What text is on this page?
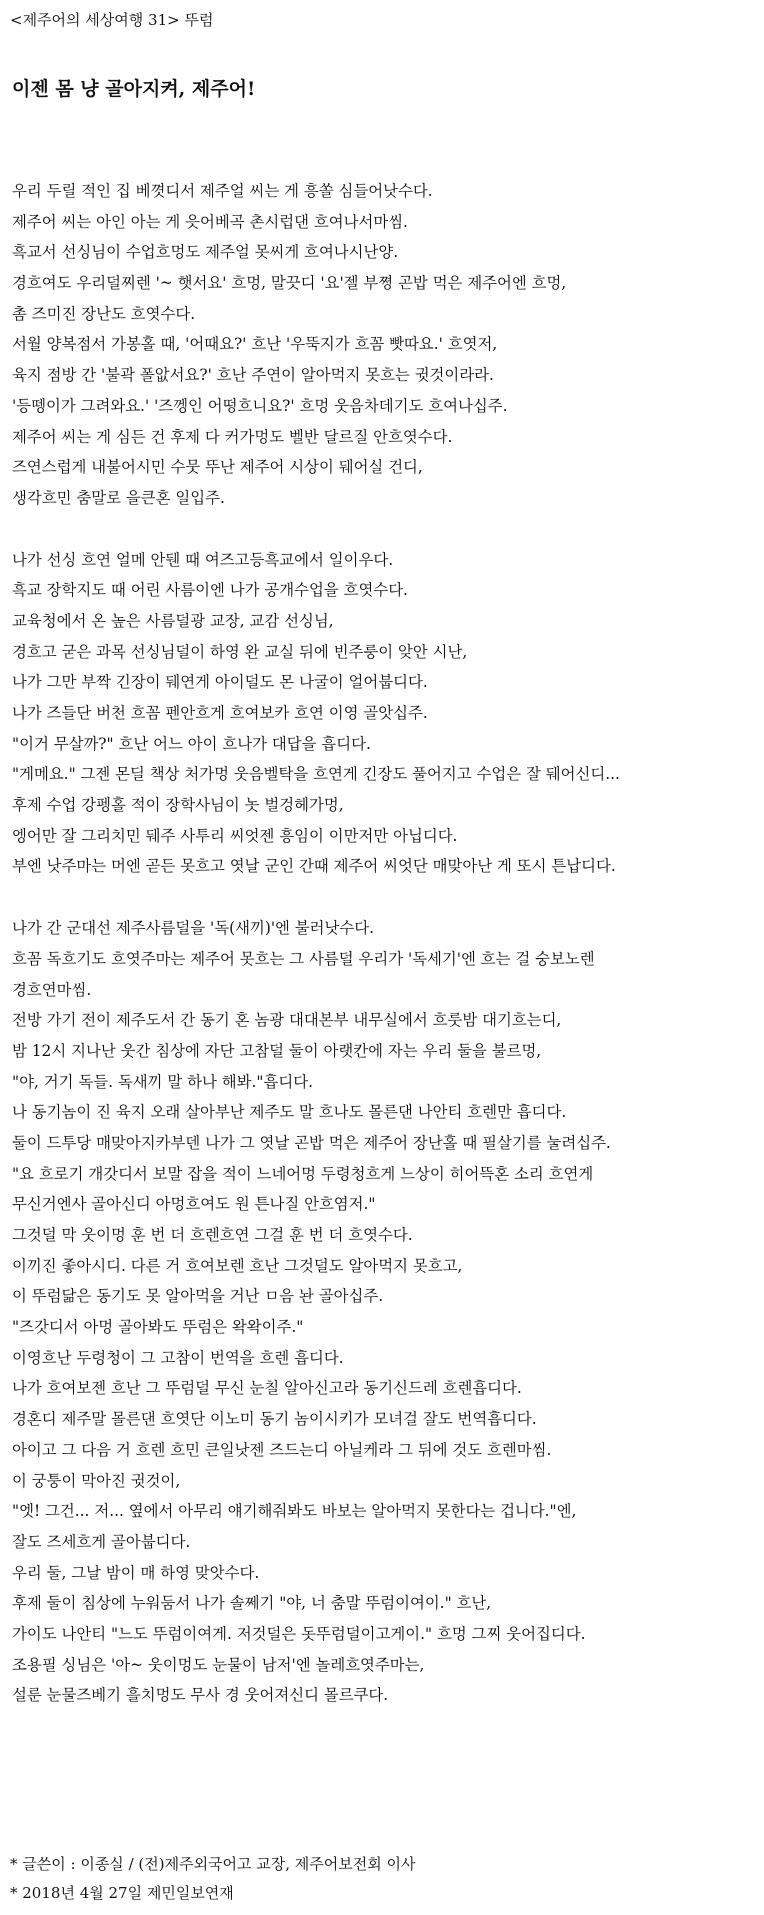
<제주어의 세상여행 31> 뚜럼
이젠 몸 냥 골아지켜, 제주어!
우리 두릴 적인 집 베꼇디서 제주얼 씨는 게 흥쏠 심들어낫수다.
제주어 씨는 아인 아는 게 읏어베곡 촌시럽댄 흐여나서마씸.
흑교서 선싱님이 수업흐멍도 제주얼 못씨게 흐여나시난양.
경흐여도 우리덜찌렌 '~ 햇서요' 흐멍, 말끗디 '요'젤 부쪙 곤밥 먹은 제주어엔 흐멍,
촘 즈미진 장난도 흐엿수다.
서월 양복점서 가봉홀 때, '어때요?' 흐난 '우뚝지가 흐꼼 빳따요.' 흐엿저,
육지 점방 간 '불곽 폴앖서요?' 흐난 주연이 알아먹지 못흐는 귓것이라라.
'등뗑이가 그려와요.' '즈껭인 어떵흐니요?' 흐멍 웃음차데기도 흐여나십주.
제주어 씨는 게 심든 건 후제 다 커가멍도 벨반 달르질 안흐엿수다.
즈연스럽게 내불어시민 수뭇 뚜난 제주어 시상이 뒈어실 건디,
생각흐민 춤말로 을큰혼 일입주.
나가 선싱 흐연 얼메 안뒌 때 여즈고등흑교에서 일이우다.
흑교 장학지도 때 어린 사름이엔 나가 공개수업을 흐엿수다.
교육청에서 온 높은 사름덜광 교장, 교감 선싱님,
경흐고 굳은 과목 선싱님덜이 하영 완 교실 뒤에 빈주룽이 앚안 시난,
나가 그만 부짝 긴장이 뒈연게 아이덜도 몬 나굴이 얼어붑디다.
나가 즈들단 버천 흐꼼 펜안흐게 흐여보카 흐연 이영 골앗십주.
"이거 무살까?" 흐난 어느 아이 흐나가 대답을 흡디다.
"게메요." 그젠 몬딜 책상 처가멍 웃음벨탁을 흐연게 긴장도 풀어지고 수업은 잘 뒈어신디...
후제 수업 강펭홀 적이 장학사님이 놋 벌겅헤가멍,
엥어만 잘 그리치민 뒈주 사투리 씨엇젠 흥임이 이만저만 아닙디다.
부엔 낫주마는 머엔 곧든 못흐고 엿날 군인 간때 제주어 씨엇단 매맞아난 게 또시 튼납디다.
나가 간 군대선 제주사름덜을 '독(새끼)'엔 불러낫수다.
흐꼼 독흐기도 흐엿주마는 제주어 못흐는 그 사름덜 우리가 '독세기'엔 흐는 걸 숭보노렌
경흐연마씸.
전방 가기 전이 제주도서 간 동기 혼 놈광 대대본부 내무실에서 흐룻밤 대기흐는디,
밤 12시 지나난 웃간 침상에 자단 고참덜 둘이 아랫칸에 자는 우리 둘을 불르멍,
"야, 거기 독들. 독새끼 말 하나 해봐."흡디다.
나 동기놈이 진 육지 오래 살아부난 제주도 말 흐나도 몰른댄 나안티 흐렌만 흡디다.
둘이 드투당 매맞아지카부덴 나가 그 엿날 곤밥 먹은 제주어 장난홀 때 필살기를 눌려십주.
"요 흐로기 개갓디서 보말 잡을 적이 느네어멍 두령청흐게 느상이 히어뜩혼 소리 흐연게
무신거엔사 골아신디 아멍흐여도 원 튼나질 안흐염저."
그것덜 막 웃이멍 훈 번 더 흐렌흐연 그걸 훈 번 더 흐엿수다.
이끼진 좋아시디. 다른 거 흐여보렌 흐난 그것덜도 알아먹지 못흐고,
이 뚜럼닮은 동기도 못 알아먹을 거난 ㅁ음 놘 골아십주.
"즈갓디서 아멍 골아봐도 뚜럼은 왁왁이주."
이영흐난 두령청이 그 고참이 번역을 흐렌 흡디다.
나가 흐여보젠 흐난 그 뚜럼덜 무신 눈칠 알아신고라 동기신드레 흐렌흡디다.
경혼디 제주말 몰른댄 흐엿단 이노미 동기 놈이시키가 모녀걸 잘도 번역흡디다.
아이고 그 다음 거 흐렌 흐민 큰일낫젠 즈드는디 아닐케라 그 뒤에 것도 흐렌마씸.
이 궁퉁이 막아진 귓것이,
"엣! 그건... 저... 옆에서 아무리 얘기해줘봐도 바보는 알아먹지 못한다는 겁니다."엔,
잘도 즈세흐게 골아붑디다.
우리 둘, 그날 밤이 매 하영 맞앗수다.
후제 둘이 침상에 누워둠서 나가 솔쩨기 "야, 너 춤말 뚜럼이여이." 흐난,
가이도 나안티 "느도 뚜럼이여게. 저것덜은 돗뚜럼덜이고게이." 흐멍 그찌 웃어집디다.
조용필 싱님은 '아~ 웃이멍도 눈물이 남저'엔 놀레흐엿주마는,
설룬 눈물즈베기 흘치멍도 무사 경 웃어져신디 몰르쿠다.
* 글쓴이 : 이종실 / (전)제주외국어고 교장, 제주어보전회 이사
* 2018년 4월 27일 제민일보연재
